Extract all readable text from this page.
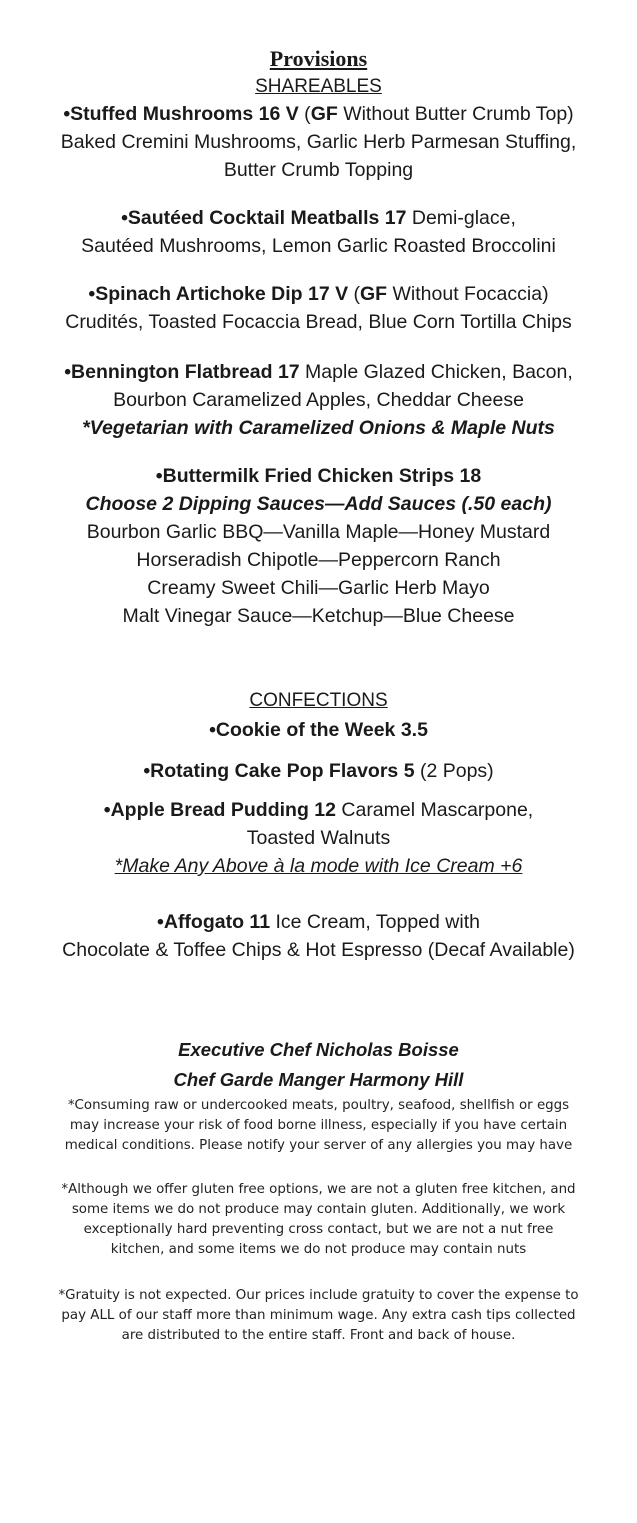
Provisions
SHAREABLES
•Stuffed Mushrooms 16 V (GF Without Butter Crumb Top)
Baked Cremini Mushrooms, Garlic Herb Parmesan Stuffing,
Butter Crumb Topping
•Sautéed Cocktail Meatballs 17 Demi-glace,
Sautéed Mushrooms, Lemon Garlic Roasted Broccolini
•Spinach Artichoke Dip 17 V (GF Without Focaccia)
Crudités, Toasted Focaccia Bread, Blue Corn Tortilla Chips
•Bennington Flatbread 17 Maple Glazed Chicken, Bacon,
Bourbon Caramelized Apples, Cheddar Cheese
*Vegetarian with Caramelized Onions & Maple Nuts
•Buttermilk Fried Chicken Strips 18
Choose 2 Dipping Sauces—Add Sauces (.50 each)
Bourbon Garlic BBQ—Vanilla Maple—Honey Mustard
Horseradish Chipotle—Peppercorn Ranch
Creamy Sweet Chili—Garlic Herb Mayo
Malt Vinegar Sauce—Ketchup—Blue Cheese
CONFECTIONS
•Cookie of the Week 3.5
•Rotating Cake Pop Flavors 5 (2 Pops)
•Apple Bread Pudding 12 Caramel Mascarpone,
Toasted Walnuts
*Make Any Above à la mode with Ice Cream +6
•Affogato 11 Ice Cream, Topped with
Chocolate & Toffee Chips & Hot Espresso (Decaf Available)
Executive Chef Nicholas Boisse
Chef Garde Manger Harmony Hill
*Consuming raw or undercooked meats, poultry, seafood, shellfish or eggs
may increase your risk of food borne illness, especially if you have certain
medical conditions. Please notify your server of any allergies you may have
*Although we offer gluten free options, we are not a gluten free kitchen, and
some items we do not produce may contain gluten. Additionally, we work
exceptionally hard preventing cross contact, but we are not a nut free
kitchen, and some items we do not produce may contain nuts
*Gratuity is not expected. Our prices include gratuity to cover the expense to
pay ALL of our staff more than minimum wage. Any extra cash tips collected
are distributed to the entire staff. Front and back of house.
